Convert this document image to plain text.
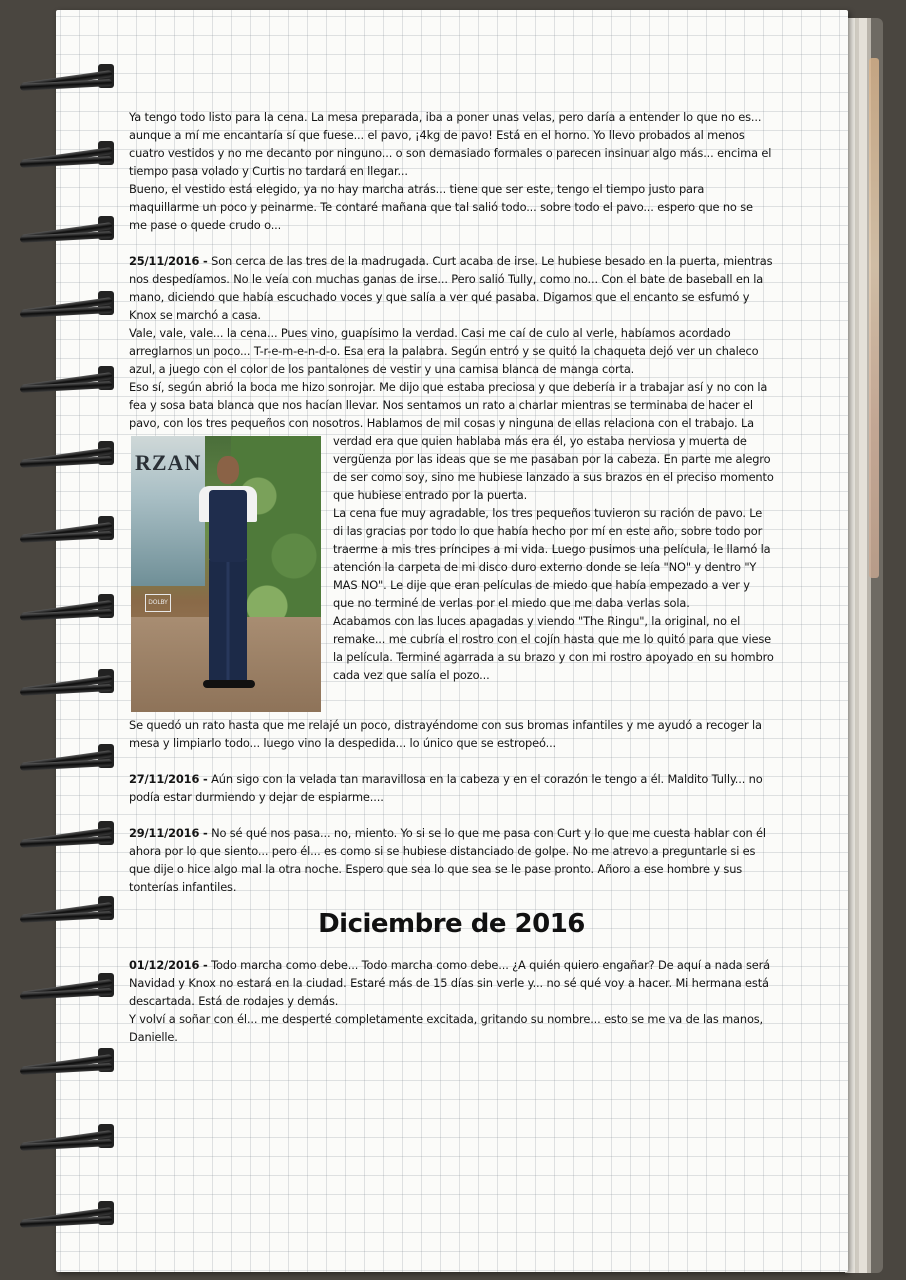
Ya tengo todo listo para la cena. La mesa preparada, iba a poner unas velas, pero daría a entender lo que no es... aunque a mí me encantaría sí que fuese... el pavo, ¡4kg de pavo! Está en el horno. Yo llevo probados al menos cuatro vestidos y no me decanto por ninguno... o son demasiado formales o parecen insinuar algo más... encima el tiempo pasa volado y Curtis no tardará en llegar...

Bueno, el vestido está elegido, ya no hay marcha atrás... tiene que ser este, tengo el tiempo justo para maquillarme un poco y peinarme. Te contaré mañana que tal salió todo... sobre todo el pavo... espero que no se me pase o quede crudo o...

25/11/2016 - Son cerca de las tres de la madrugada. Curt acaba de irse. Le hubiese besado en la puerta, mientras nos despedíamos. No le veía con muchas ganas de irse... Pero salió Tully, como no... Con el bate de baseball en la mano, diciendo que había escuchado voces y que salía a ver qué pasaba. Digamos que el encanto se esfumó y Knox se marchó a casa.

Vale, vale, vale... la cena... Pues vino, guapísimo la verdad. Casi me caí de culo al verle, habíamos acordado arreglarnos un poco... T-r-e-m-e-n-d-o. Esa era la palabra. Según entró y se quitó la chaqueta dejó ver un chaleco azul, a juego con el color de los pantalones de vestir y una camisa blanca de manga corta.

Eso sí, según abrió la boca me hizo sonrojar. Me dijo que estaba preciosa y que debería ir a trabajar así y no con la fea y sosa bata blanca que nos hacían llevar. Nos sentamos un rato a charlar mientras se terminaba de hacer el pavo, con los tres pequeños con nosotros. Hablamos de mil cosas y ninguna de ellas
RZAN
DOLBY
relaciona con el trabajo. La verdad era que quien hablaba más era él, yo estaba nerviosa y muerta de vergüenza por las ideas que se me pasaban por la cabeza. En parte me alegro de ser como soy, sino me hubiese lanzado a sus brazos en el preciso momento que hubiese entrado por la puerta.

La cena fue muy agradable, los tres pequeños tuvieron su ración de pavo. Le di las gracias por todo lo que había hecho por mí en este año, sobre todo por traerme a mis tres príncipes a mi vida. Luego pusimos una película, le llamó la atención la carpeta de mi disco duro externo donde se leía "NO" y dentro "Y MAS NO". Le dije que eran películas de miedo que había empezado a ver y que no terminé de verlas por el miedo que me daba verlas sola.

Acabamos con las luces apagadas y viendo "The Ringu", la original, no el remake... me cubría el rostro con el cojín hasta que me lo quitó para que viese la película. Terminé agarrada a su brazo y con mi rostro apoyado en su hombro cada vez que salía el pozo...

Se quedó un rato hasta que me relajé un poco, distrayéndome con sus bromas infantiles y me ayudó a recoger la mesa y limpiarlo todo... luego vino la despedida... lo único que se estropeó...

27/11/2016 - Aún sigo con la velada tan maravillosa en la cabeza y en el corazón le tengo a él. Maldito Tully... no podía estar durmiendo y dejar de espiarme....

29/11/2016 - No sé qué nos pasa... no, miento. Yo si se lo que me pasa con Curt y lo que me cuesta hablar con él ahora por lo que siento... pero él... es como si se hubiese distanciado de golpe. No me atrevo a preguntarle si es que dije o hice algo mal la otra noche. Espero que sea lo que sea se le pase pronto. Añoro a ese hombre y sus tonterías infantiles.

Diciembre de 2016

01/12/2016 - Todo marcha como debe... Todo marcha como debe... ¿A quién quiero engañar? De aquí a nada será Navidad y Knox no estará en la ciudad. Estaré más de 15 días sin verle y... no sé qué voy a hacer. Mi hermana está descartada. Está de rodajes y demás.

Y volví a soñar con él... me desperté completamente excitada, gritando su nombre... esto se me va de las manos, Danielle.
